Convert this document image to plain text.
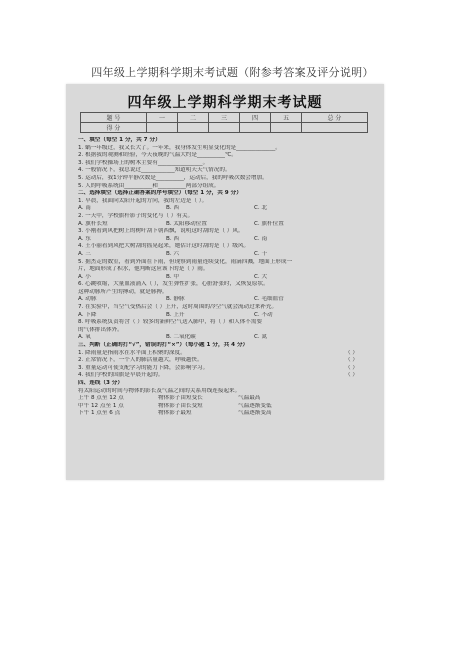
四年级上学期科学期末考试题（附参考答案及评分说明）
四年级上学期科学期末考试题
题 号	一	二	三	四	五	总 分
得 分						
一、填空（每空 1 分，共 7 分）
1. 蜗一年级过，我又长大了。一年来，我身体发生明显变化的是______________。
2. 根据我的观测和经验，今天夜晚的气温大约是__________℃。
3. 我们学校操场上的树木主要有________________。
4. 一般情况下，我总说过____________知道明天天气情况的。
5. 运动后，我1分钟平静次数是__________，运动后，我的呼吸次数会增加。
5. 人的呼吸系统由__________和__________两部分组成。
二、选择填空（选择正确答案的序号填空）（每空 1 分，共 9 分）
1. 早晨，我面向太阳升起的方向，我的左边是（ ）。
A. 南	B. 西	C. 北
2. 一天中，学校旗杆影子的变化与（ ）有关。
A. 旗杆长短	B. 太阳移动位置	C. 旗杆位置
3. 小刚看到风把树上的树叶刮下朝西飘，说明这时刮的是（ ）风。
A. 东	B. 西	C. 南
4. 王小丽看到风把大树刮的摇晃起来，她估计这时刮的是（ ）级风。
A. 三	B. 六	C. 十
5. 据杰走的数室，看到外面在下雨，但现察到雨量连续变化，雨滴四溅，地面上形成一
片，地面形成了积水，他判断这应该下的是（ ）雨。
A. 小	B. 中	C. 大
6. 心跳收缩，大量血液涌入（ ），发生弹性扩张，心脏舒张时，又恢复原状。
这种动脉所产生的搏动，就是脉搏。
A. 动脉	B. 静脉	C. 毛细血管
7. 在实验中，当空气受热后会（ ）上升，这时周围的冷空气就会流动过来补充。
A. 下降	B. 上升	C. 不动
8. 呼吸系统负责将含（ ）较多的新鲜空气送入肺中，将（ ）和人体不需要
的气体排出体外。
A. 氧	B. 二氧化碳	C. 氮
三、判断（正确的打“√”，错误的打“×”）（每小题 1 分，共 4 分）
1. 降雨量是指雨水在水平面上积聚的深度。	（ ）
2. 正常情况下，一个人的肺活量越大，呼吸越快。	（ ）
3. 重量运动可使支配学习的能力下降，会影响学习。	（ ）
4. 我们学校的国旗是早晨升起的。	（ ）
四、连线（3 分）
将太阳运动的时间与物体的影长及气温之间的关系用线连接起来。
上午 8 点至 12 点	物体影子由短变长	气温最高
中午 12 点至 1 点	物体影子由长变短	气温逐渐变低
下午 1 点至 6 点	物体影子最短	气温逐渐变高
